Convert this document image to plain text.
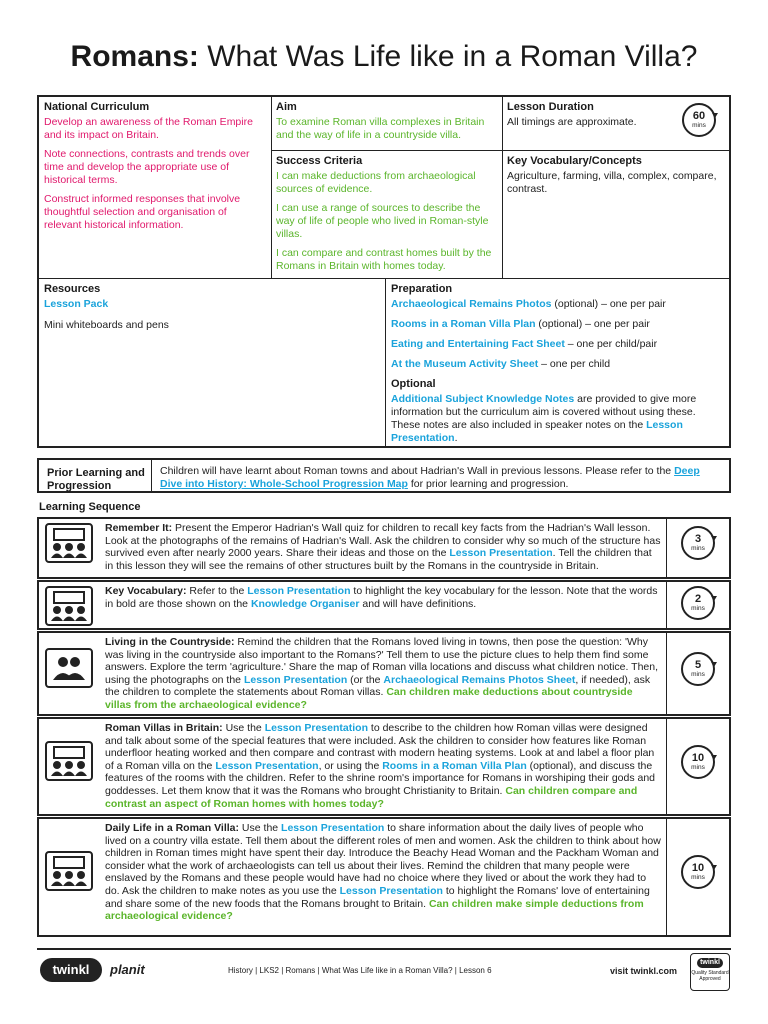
Romans: What Was Life like in a Roman Villa?
National Curriculum
Develop an awareness of the Roman Empire and its impact on Britain.
Note connections, contrasts and trends over time and develop the appropriate use of historical terms.
Construct informed responses that involve thoughtful selection and organisation of relevant historical information.
Aim
To examine Roman villa complexes in Britain and the way of life in a countryside villa.
Lesson Duration
All timings are approximate.	60
mins
Success Criteria
I can make deductions from archaeological sources of evidence.
I can use a range of sources to describe the way of life of people who lived in Roman-style villas.
I can compare and contrast homes built by the Romans in Britain with homes today.
Key Vocabulary/Concepts
Agriculture, farming, villa, complex, compare, contrast.
Resources
Lesson Pack
Mini whiteboards and pens
Preparation
Archaeological Remains Photos (optional) – one per pair
Rooms in a Roman Villa Plan (optional) – one per pair
Eating and Entertaining Fact Sheet – one per child/pair
At the Museum Activity Sheet – one per child
Optional
Additional Subject Knowledge Notes are provided to give more information but the curriculum aim is covered without using these. These notes are also included in speaker notes on the Lesson Presentation.
Prior Learning and Progression
Children will have learnt about Roman towns and about Hadrian's Wall in previous lessons. Please refer to the Deep Dive into History: Whole-School Progression Map for prior learning and progression.
Learning Sequence
Remember It: Present the Emperor Hadrian's Wall quiz for children to recall key facts from the Hadrian's Wall lesson. Look at the photographs of the remains of Hadrian's Wall. Ask the children to consider why so much of the structure has survived even after nearly 2000 years. Share their ideas and those on the Lesson Presentation. Tell the children that in this lesson they will see the remains of other structures built by the Romans in the countryside in Britain.
3
mins
Key Vocabulary: Refer to the Lesson Presentation to highlight the key vocabulary for the lesson. Note that the words in bold are those shown on the Knowledge Organiser and will have definitions.	2
mins
Living in the Countryside: Remind the children that the Romans loved living in towns, then pose the question: 'Why was living in the countryside also important to the Romans?' Tell them to use the picture clues to help them find some answers. Explore the term 'agriculture.' Share the map of Roman villa locations and discuss what children notice. Then, using the photographs on the Lesson Presentation (or the Archaeological Remains Photos Sheet, if needed), ask the children to complete the statements about Roman villas. Can children make deductions about countryside villas from the archaeological evidence?
5
mins
Roman Villas in Britain: Use the Lesson Presentation to describe to the children how Roman villas were designed and talk about some of the special features that were included. Ask the children to consider how features like Roman underfloor heating worked and then compare and contrast with modern heating systems. Look at and label a floor plan of a Roman villa on the Lesson Presentation, or using the Rooms in a Roman Villa Plan (optional), and discuss the features of the rooms with the children. Refer to the shrine room's importance for Romans in worshiping their gods and goddesses. Let them know that it was the Romans who brought Christianity to Britain. Can children compare and contrast an aspect of Roman homes with homes today?
10
mins
Daily Life in a Roman Villa: Use the Lesson Presentation to share information about the daily lives of people who lived on a country villa estate. Tell them about the different roles of men and women. Ask the children to think about how children in Roman times might have spent their day. Introduce the Beachy Head Woman and the Packham Woman and consider what the work of archaeologists can tell us about their lives. Remind the children that many people were enslaved by the Romans and these people would have had no choice where they lived or about the work they had to do. Ask the children to make notes as you use the Lesson Presentation to highlight the Romans' love of entertaining and share some of the new foods that the Romans brought to Britain. Can children make simple deductions from archaeological evidence?
10
mins
twinkl	planit	History | LKS2 | Romans | What Was Life like in a Roman Villa? | Lesson 6	visit twinkl.com
twinkl
Quality Standard Approved
